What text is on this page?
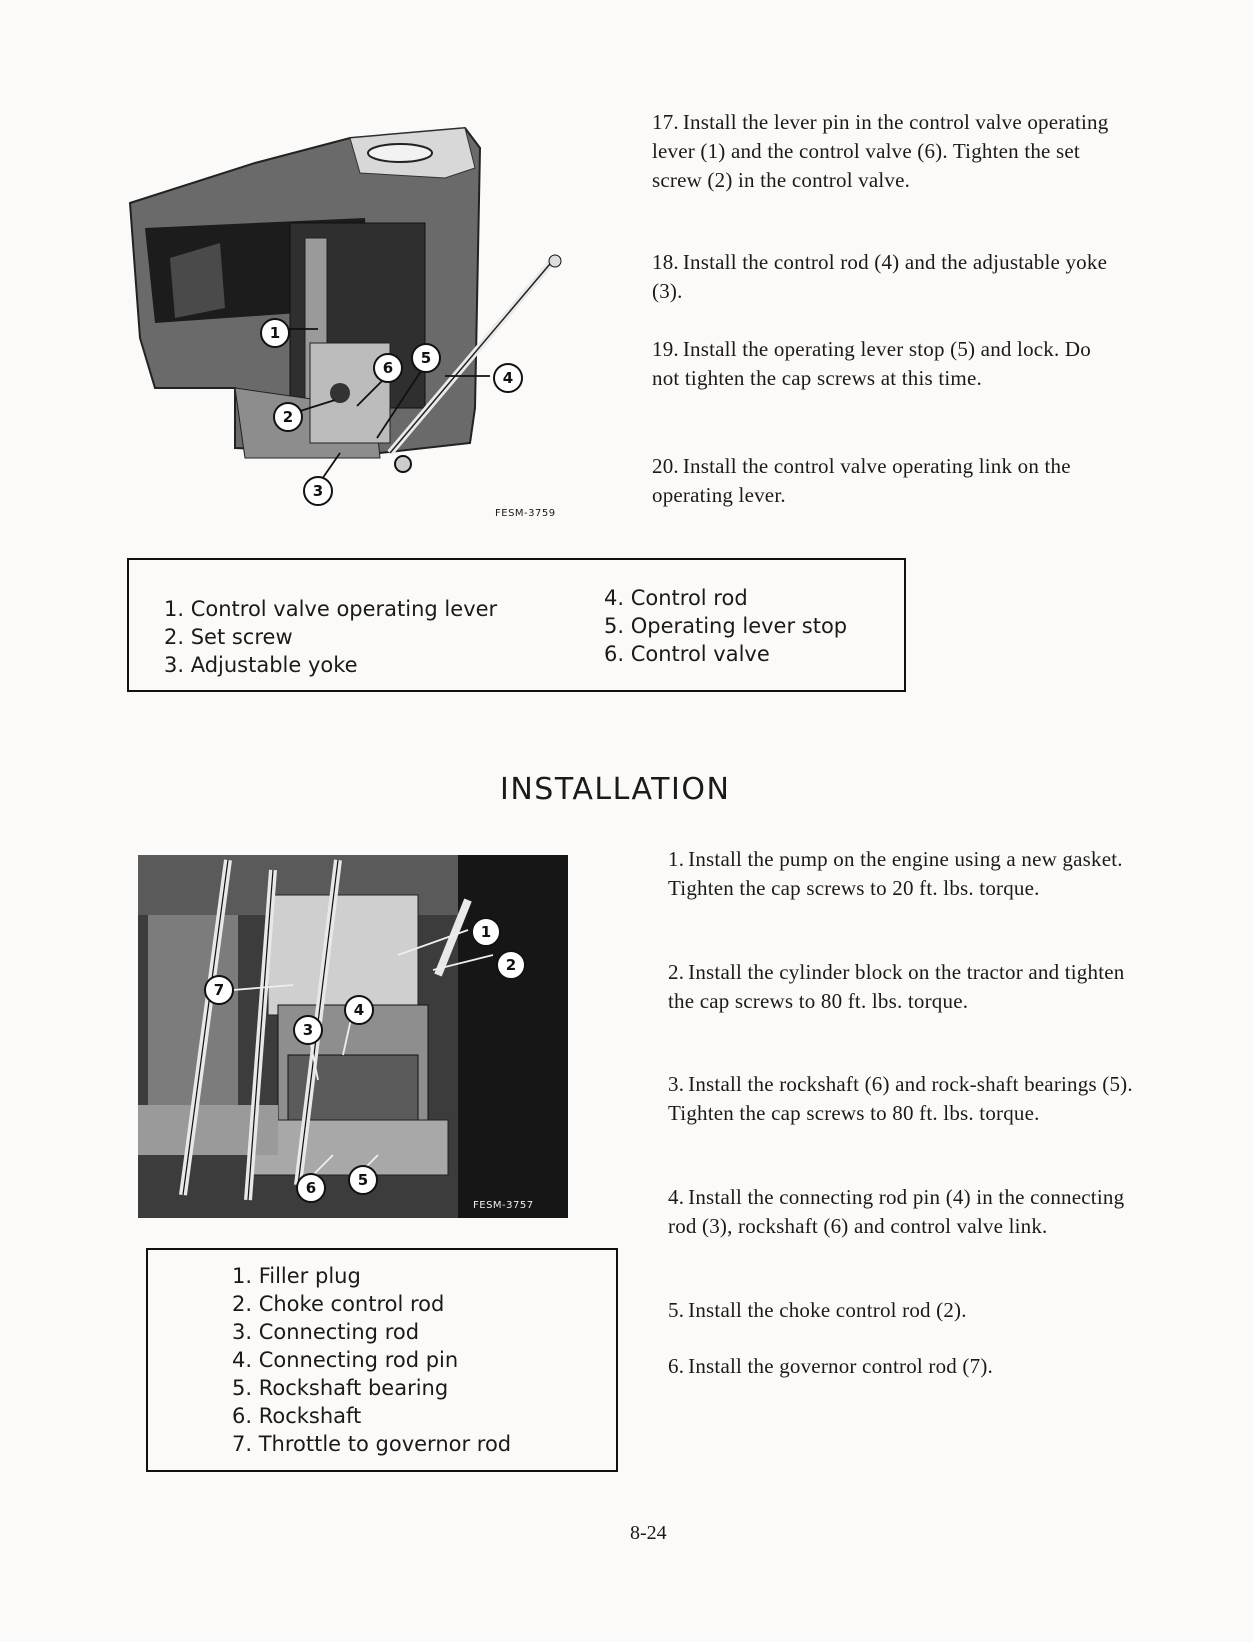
1
6
5
4
2
3
FESM-3759
17. Install the lever pin in the control valve operating lever (1) and the control valve (6). Tighten the set screw (2) in the control valve.
18. Install the control rod (4) and the adjustable yoke (3).
19. Install the operating lever stop (5) and lock. Do not tighten the cap screws at this time.
20. Install the control valve operating link on the operating lever.
1. Control valve operating lever
2. Set screw
3. Adjustable yoke
4. Control rod
5. Operating lever stop
6. Control valve
INSTALLATION
1
2
7
4
3
6	5
FESM-3757
1. Install the pump on the engine using a new gasket. Tighten the cap screws to 20 ft. lbs. torque.
2. Install the cylinder block on the tractor and tighten the cap screws to 80 ft. lbs. torque.
3. Install the rockshaft (6) and rock-shaft bearings (5). Tighten the cap screws to 80 ft. lbs. torque.
4. Install the connecting rod pin (4) in the connecting rod (3), rockshaft (6) and control valve link.
5. Install the choke control rod (2).
6. Install the governor control rod (7).
1. Filler plug
2. Choke control rod
3. Connecting rod
4. Connecting rod pin
5. Rockshaft bearing
6. Rockshaft
7. Throttle to governor rod
8-24
